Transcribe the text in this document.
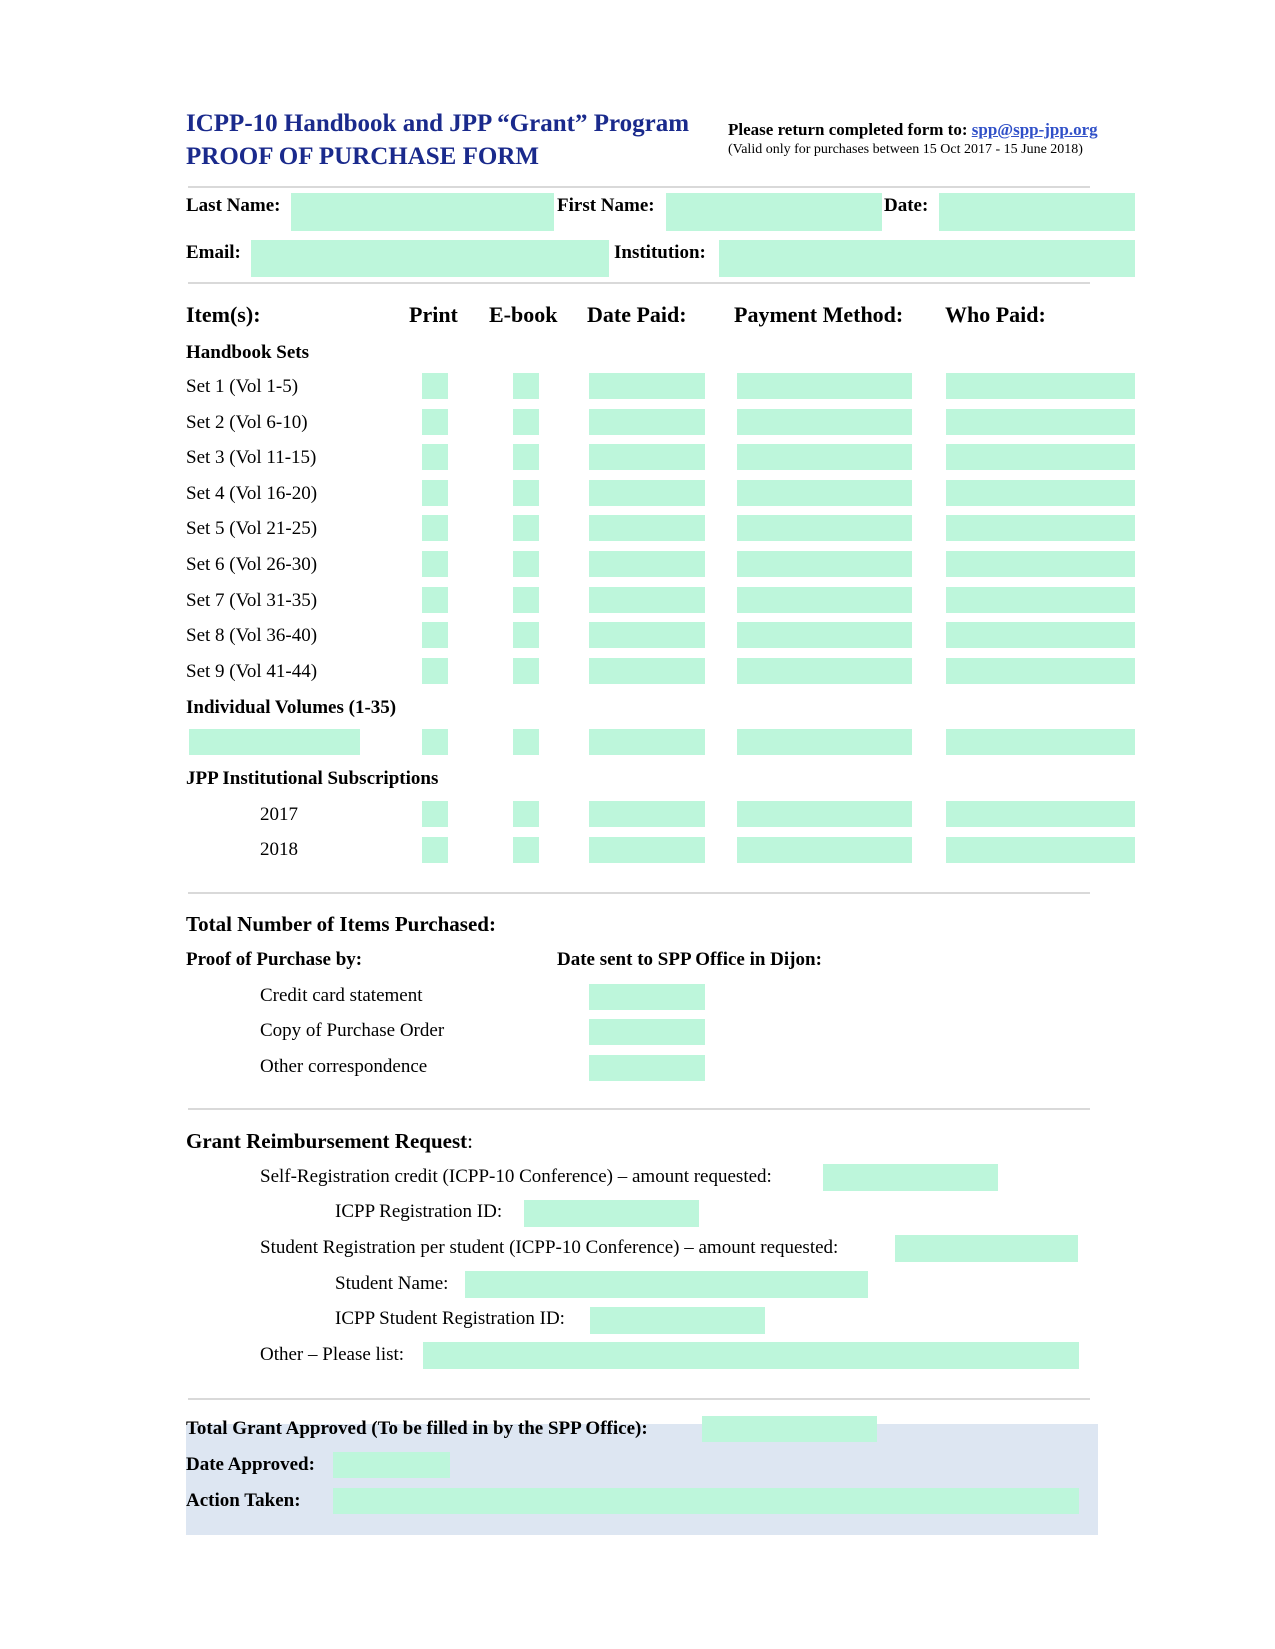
ICPP-10 Handbook and JPP “Grant” Program
PROOF OF PURCHASE FORM
Please return completed form to: spp@spp-jpp.org
(Valid only for purchases between 15 Oct 2017 - 15 June 2018)
Last Name:	First Name:	Date:
Email:	Institution:
Item(s):	Print E-book Date Paid: Payment Method: Who Paid:
Handbook Sets
Set 1 (Vol 1-5)
Set 2 (Vol 6-10)
Set 3 (Vol 11-15)
Set 4 (Vol 16-20)
Set 5 (Vol 21-25)
Set 6 (Vol 26-30)
Set 7 (Vol 31-35)
Set 8 (Vol 36-40)
Set 9 (Vol 41-44)
Individual Volumes (1-35)
JPP Institutional Subscriptions
2017
2018
Total Number of Items Purchased:
Proof of Purchase by:	Date sent to SPP Office in Dijon:
Credit card statement
Copy of Purchase Order
Other correspondence
Grant Reimbursement Request:
Self-Registration credit (ICPP-10 Conference) – amount requested:
ICPP Registration ID:
Student Registration per student (ICPP-10 Conference) – amount requested:
Student Name:
ICPP Student Registration ID:
Other – Please list:
Total Grant Approved (To be filled in by the SPP Office):
Date Approved:
Action Taken:
